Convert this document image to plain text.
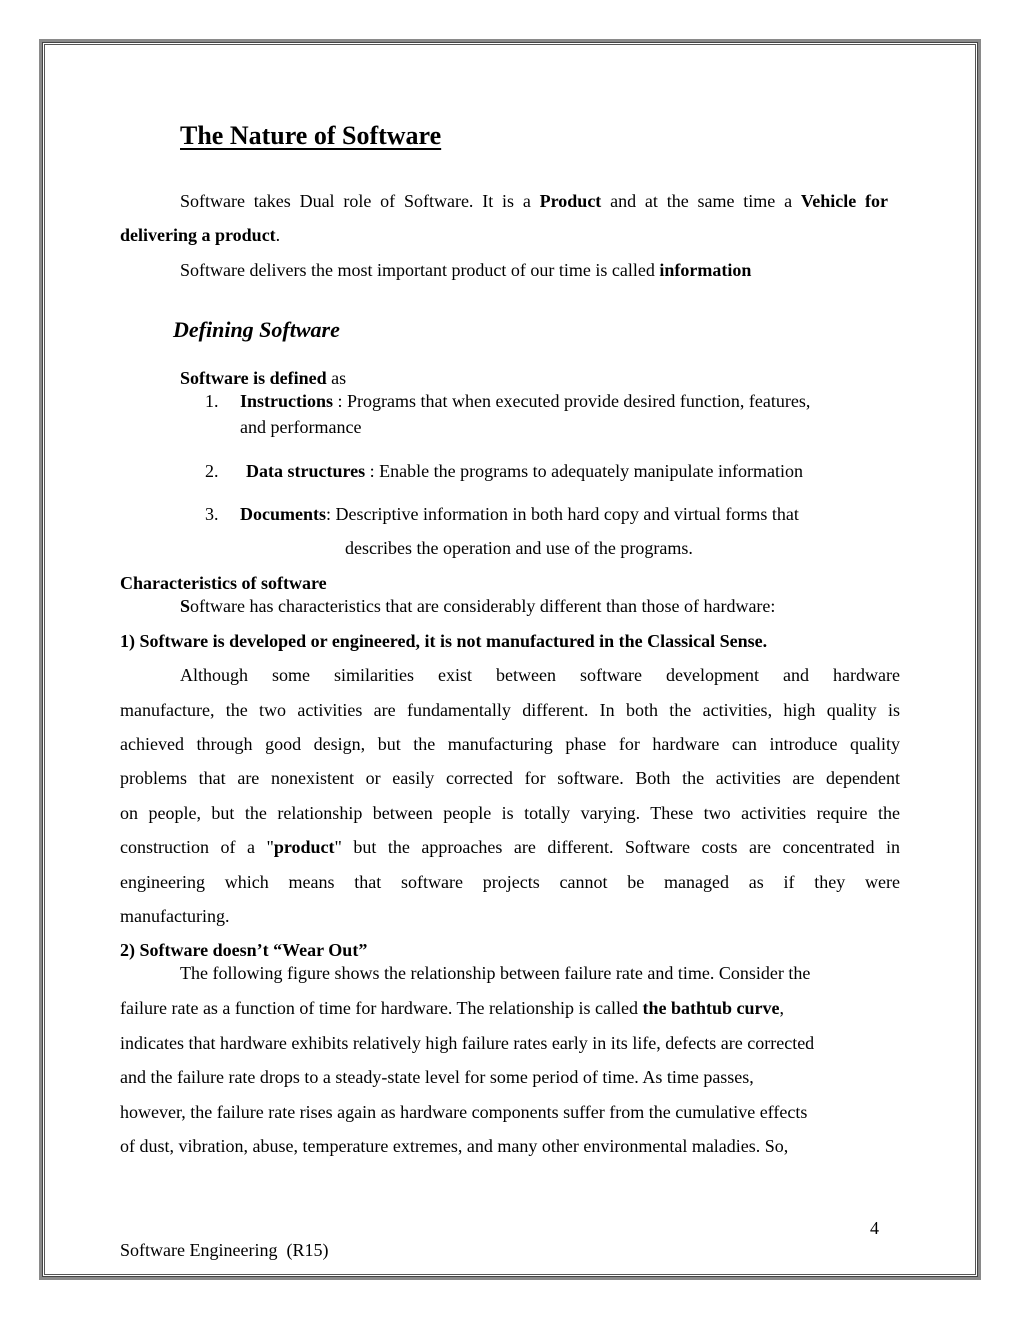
The Nature of Software
Software takes Dual role of Software. It is a Product and at the same time a Vehicle for
delivering a product.
Software delivers the most important product of our time is called information
Defining Software
Software is defined as
1. Instructions : Programs that when executed provide desired function, features,
and performance
2. Data structures : Enable the programs to adequately manipulate information
3. Documents: Descriptive information in both hard copy and virtual forms that
describes the operation and use of the programs.
Characteristics of software
Software has characteristics that are considerably different than those of hardware:
1) Software is developed or engineered, it is not manufactured in the Classical Sense.
Although some similarities exist between software development and hardware
manufacture, the two activities are fundamentally different. In both the activities, high quality is
achieved through good design, but the manufacturing phase for hardware can introduce quality
problems that are nonexistent or easily corrected for software. Both the activities are dependent
on people, but the relationship between people is totally varying. These two activities require the
construction of a "product" but the approaches are different. Software costs are concentrated in
engineering which means that software projects cannot be managed as if they were
manufacturing.
2) Software doesn’t “Wear Out”
The following figure shows the relationship between failure rate and time. Consider the
failure rate as a function of time for hardware. The relationship is called the bathtub curve,
indicates that hardware exhibits relatively high failure rates early in its life, defects are corrected
and the failure rate drops to a steady-state level for some period of time. As time passes,
however, the failure rate rises again as hardware components suffer from the cumulative effects
of dust, vibration, abuse, temperature extremes, and many other environmental maladies. So,
4
Software Engineering  (R15)
